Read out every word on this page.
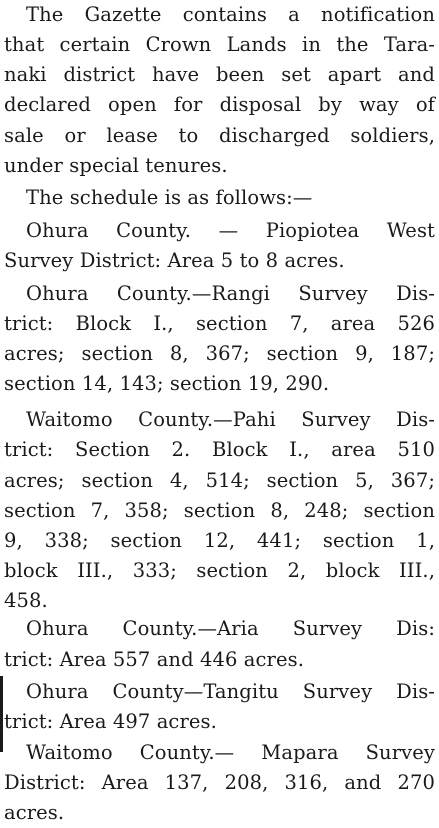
The Gazette contains a notification
that certain Crown Lands in the Tara-
naki district have been set apart and
declared open for disposal by way of
sale or lease to discharged soldiers,
under special tenures.
The schedule is as follows:—
Ohura County. — Piopiotea West
Survey District: Area 5 to 8 acres.
Ohura County.—Rangi Survey Dis-
trict: Block I., section 7, area 526
acres; section 8, 367; section 9, 187;
section 14, 143; section 19, 290.
Waitomo County.—Pahi Survey Dis-
trict: Section 2. Block I., area 510
acres; section 4, 514; section 5, 367;
section 7, 358; section 8, 248; section
9, 338; section 12, 441; section 1,
block III., 333; section 2, block III.,
458.
Ohura County.—Aria Survey Dis:
trict: Area 557 and 446 acres.
Ohura County—Tangitu Survey Dis-
trict: Area 497 acres.
Waitomo County.— Mapara Survey
District: Area 137, 208, 316, and 270
acres.
